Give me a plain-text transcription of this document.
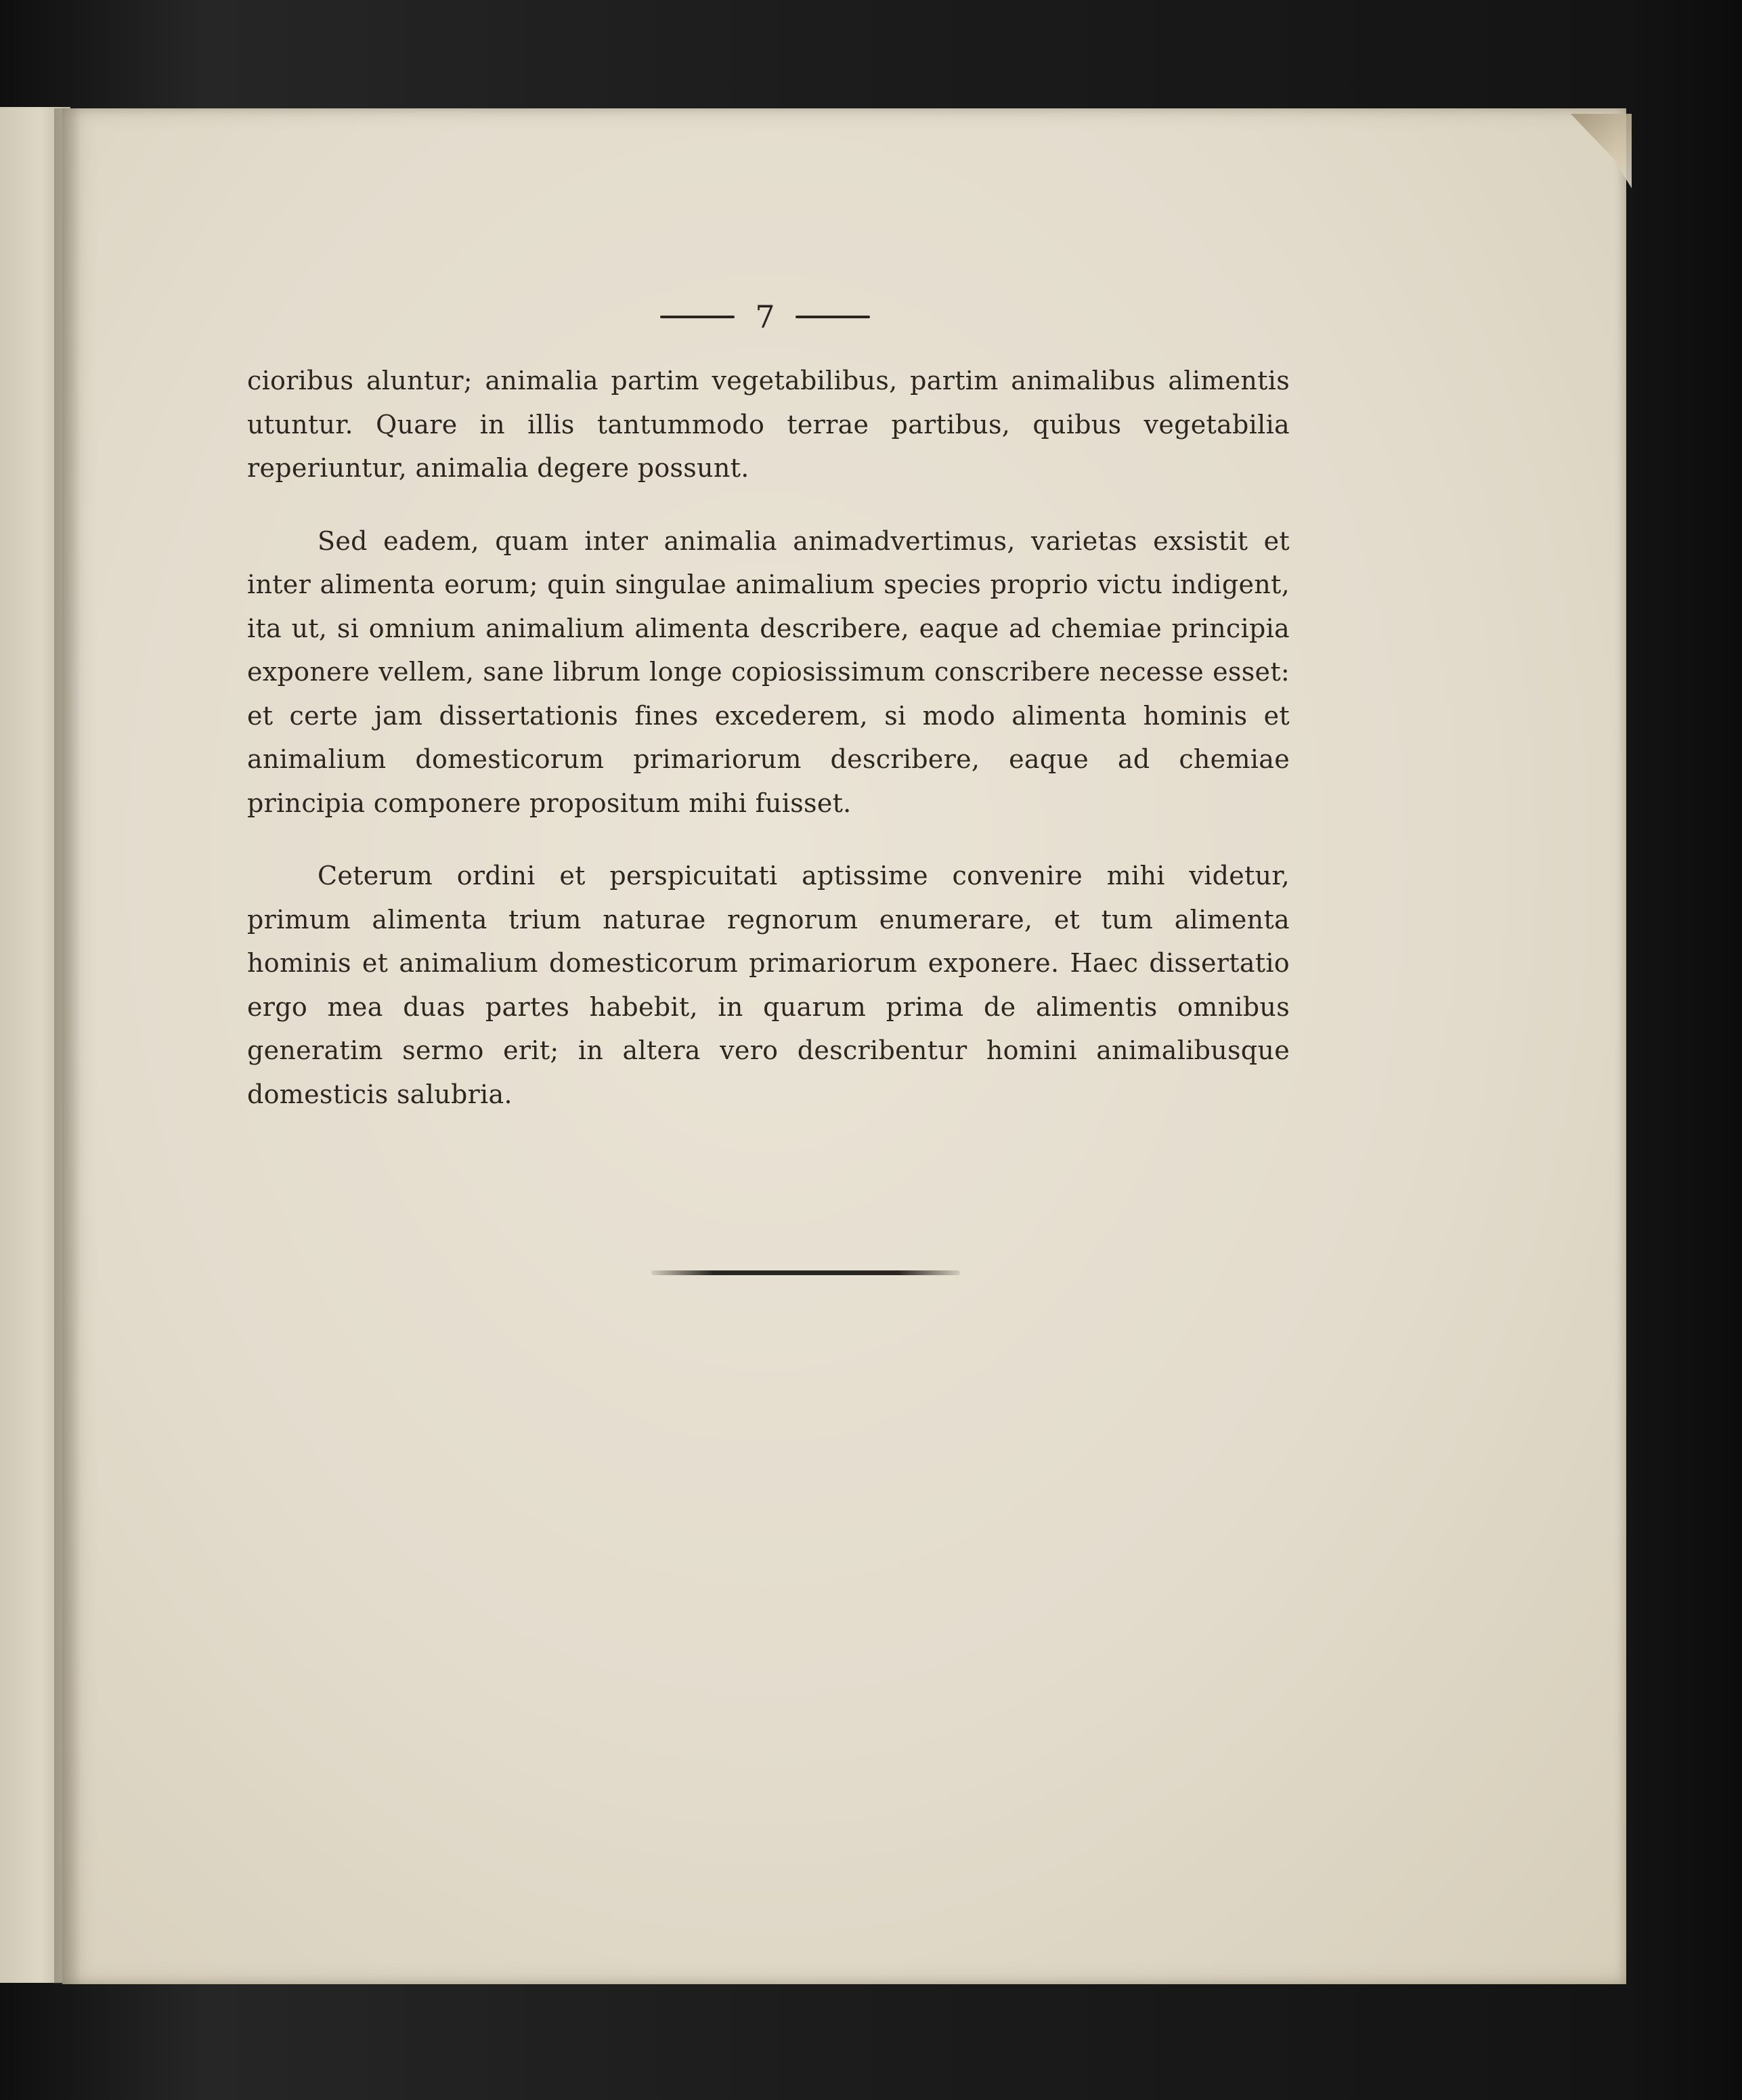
7

cioribus aluntur; animalia partim vegetabilibus, partim animalibus alimentis utuntur. Quare in illis tantummodo terrae partibus, quibus vegetabilia reperiuntur, animalia degere possunt.

Sed eadem, quam inter animalia animadvertimus, varietas exsistit et inter alimenta eorum; quin singulae animalium species proprio victu indigent, ita ut, si omnium animalium alimenta describere, eaque ad chemiae principia exponere vellem, sane librum longe copiosissimum conscribere necesse esset: et certe jam dissertationis fines excederem, si modo alimenta hominis et animalium domesticorum primariorum describere, eaque ad chemiae principia componere propositum mihi fuisset.

Ceterum ordini et perspicuitati aptissime convenire mihi videtur, primum alimenta trium naturae regnorum enumerare, et tum alimenta hominis et animalium domesticorum primariorum exponere. Haec dissertatio ergo mea duas partes habebit, in quarum prima de alimentis omnibus generatim sermo erit; in altera vero describentur homini animalibusque domesticis salubria.
